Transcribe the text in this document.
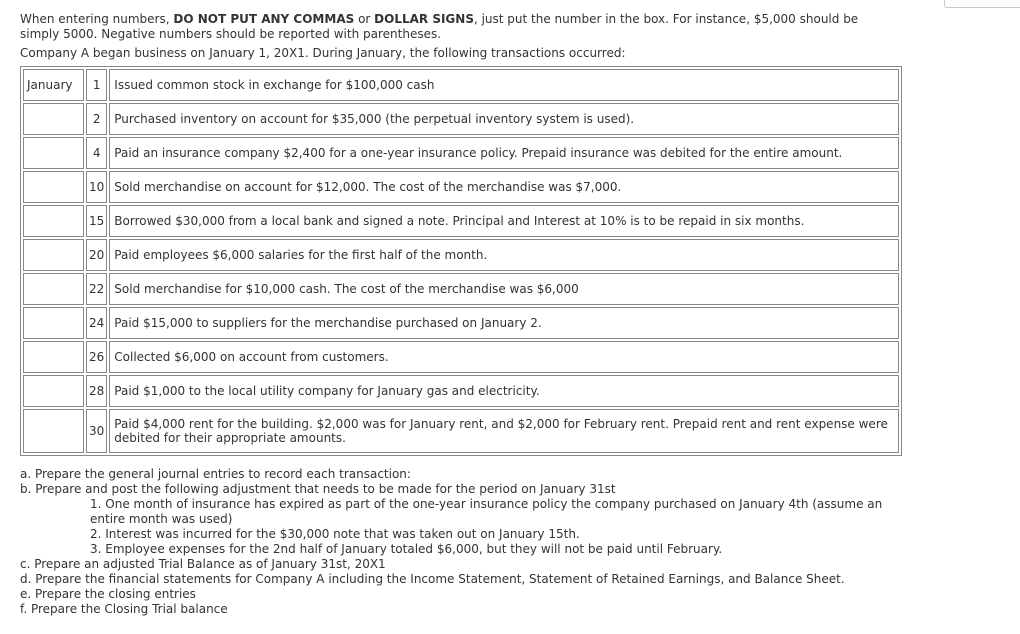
When entering numbers, DO NOT PUT ANY COMMAS or DOLLAR SIGNS, just put the number in the box. For instance, $5,000 should be simply 5000. Negative numbers should be reported with parentheses.

Company A began business on January 1, 20X1. During January, the following transactions occurred:
January	1	Issued common stock in exchange for $100,000 cash
	2	Purchased inventory on account for $35,000 (the perpetual inventory system is used).
	4	Paid an insurance company $2,400 for a one-year insurance policy. Prepaid insurance was debited for the entire amount.
	10	Sold merchandise on account for $12,000. The cost of the merchandise was $7,000.
	15	Borrowed $30,000 from a local bank and signed a note. Principal and Interest at 10% is to be repaid in six months.
	20	Paid employees $6,000 salaries for the first half of the month.
	22	Sold merchandise for $10,000 cash. The cost of the merchandise was $6,000
	24	Paid $15,000 to suppliers for the merchandise purchased on January 2.
	26	Collected $6,000 on account from customers.
	28	Paid $1,000 to the local utility company for January gas and electricity.
	30	Paid $4,000 rent for the building. $2,000 was for January rent, and $2,000 for February rent. Prepaid rent and rent expense were debited for their appropriate amounts.

a. Prepare the general journal entries to record each transaction:

b. Prepare and post the following adjustment that needs to be made for the period on January 31st

1. One month of insurance has expired as part of the one-year insurance policy the company purchased on January 4th (assume an entire month was used)

2. Interest was incurred for the $30,000 note that was taken out on January 15th.

3. Employee expenses for the 2nd half of January totaled $6,000, but they will not be paid until February.

c. Prepare an adjusted Trial Balance as of January 31st, 20X1

d. Prepare the financial statements for Company A including the Income Statement, Statement of Retained Earnings, and Balance Sheet.

e. Prepare the closing entries

f. Prepare the Closing Trial balance
